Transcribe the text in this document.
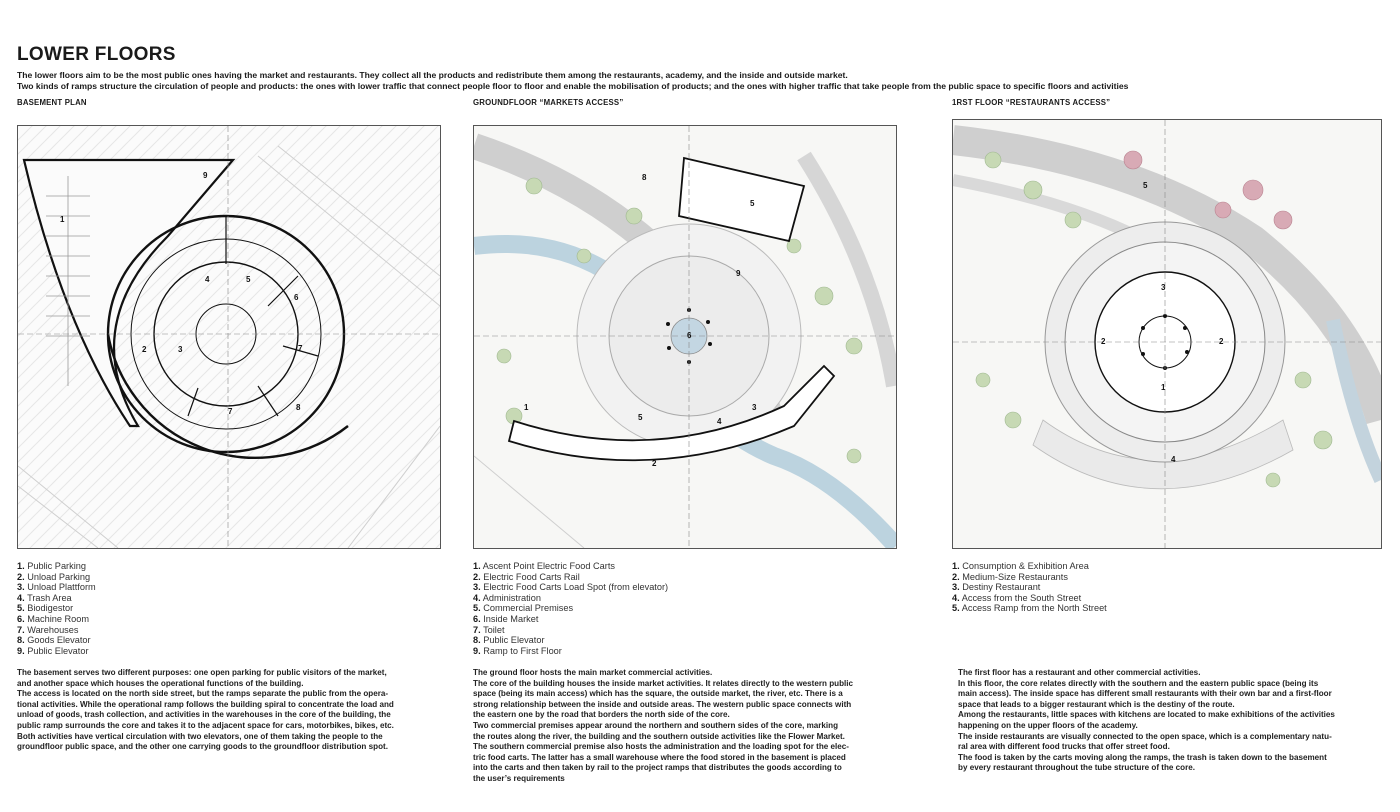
LOWER FLOORS
The lower floors aim to be the most public ones having the market and restaurants. They collect all the products and redistribute them among the restaurants, academy, and the inside and outside market.
Two kinds of ramps structure the circulation of people and products: the ones with lower traffic that connect people floor to floor and enable the mobilisation of products; and the ones with higher traffic that take people from the public space to specific floors and activities
BASEMENT PLAN	GROUNDFLOOR “MARKETS ACCESS”	1RST FLOOR “RESTAURANTS ACCESS”
1
2	3
4	5
6
7
7	8
9
1
2
3
4
5
5
6
8
9
1
2	2
3
4
5
1. Public Parking
2. Unload Parking
3. Unload Plattform
4. Trash Area
5. Biodigestor
6. Machine Room
7. Warehouses
8. Goods Elevator
9. Public Elevator
1. Ascent Point Electric Food Carts
2. Electric Food Carts Rail
3. Electric Food Carts Load Spot (from elevator)
4. Administration
5. Commercial Premises
6. Inside Market
7. Toilet
8. Public Elevator
9. Ramp to First Floor
1. Consumption & Exhibition Area
2. Medium-Size Restaurants
3. Destiny Restaurant
4. Access from the South Street
5. Access Ramp from the North Street
The basement serves two different purposes: one open parking for public visitors of the market,
and another space which houses the operational functions of the building.
The access is located on the north side street, but the ramps separate the public from the opera-
tional activities. While the operational ramp follows the building spiral to concentrate the load and
unload of goods, trash collection, and activities in the warehouses in the core of the building, the
public ramp surrounds the core and takes it to the adjacent space for cars, motorbikes, bikes, etc.
Both activities have vertical circulation with two elevators, one of them taking the people to the
groundfloor public space, and the other one carrying goods to the groundfloor distribution spot.
The ground floor hosts the main market commercial activities.
The core of the building houses the inside market activities. It relates directly to the western public
space (being its main access) which has the square, the outside market, the river, etc. There is a
strong relationship between the inside and outside areas. The western public space connects with
the eastern one by the road that borders the north side of the core.
Two commercial premises appear around the northern and southern sides of the core, marking
the routes along the river, the building and the southern outside activities like the Flower Market.
The southern commercial premise also hosts the administration and the loading spot for the elec-
tric food carts. The latter has a small warehouse where the food stored in the basement is placed
into the carts and then taken by rail to the project ramps that distributes the goods according to
the user’s requirements
The first floor has a restaurant and other commercial activities.
In this floor, the core relates directly with the southern and the eastern public space (being its
main access). The inside space has different small restaurants with their own bar and a first-floor
space that leads to a bigger restaurant which is the destiny of the route.
Among the restaurants, little spaces with kitchens are located to make exhibitions of the activities
happening on the upper floors of the academy.
The inside restaurants are visually connected to the open space, which is a complementary natu-
ral area with different food trucks that offer street food.
The food is taken by the carts moving along the ramps, the trash is taken down to the basement
by every restaurant throughout the tube structure of the core.
